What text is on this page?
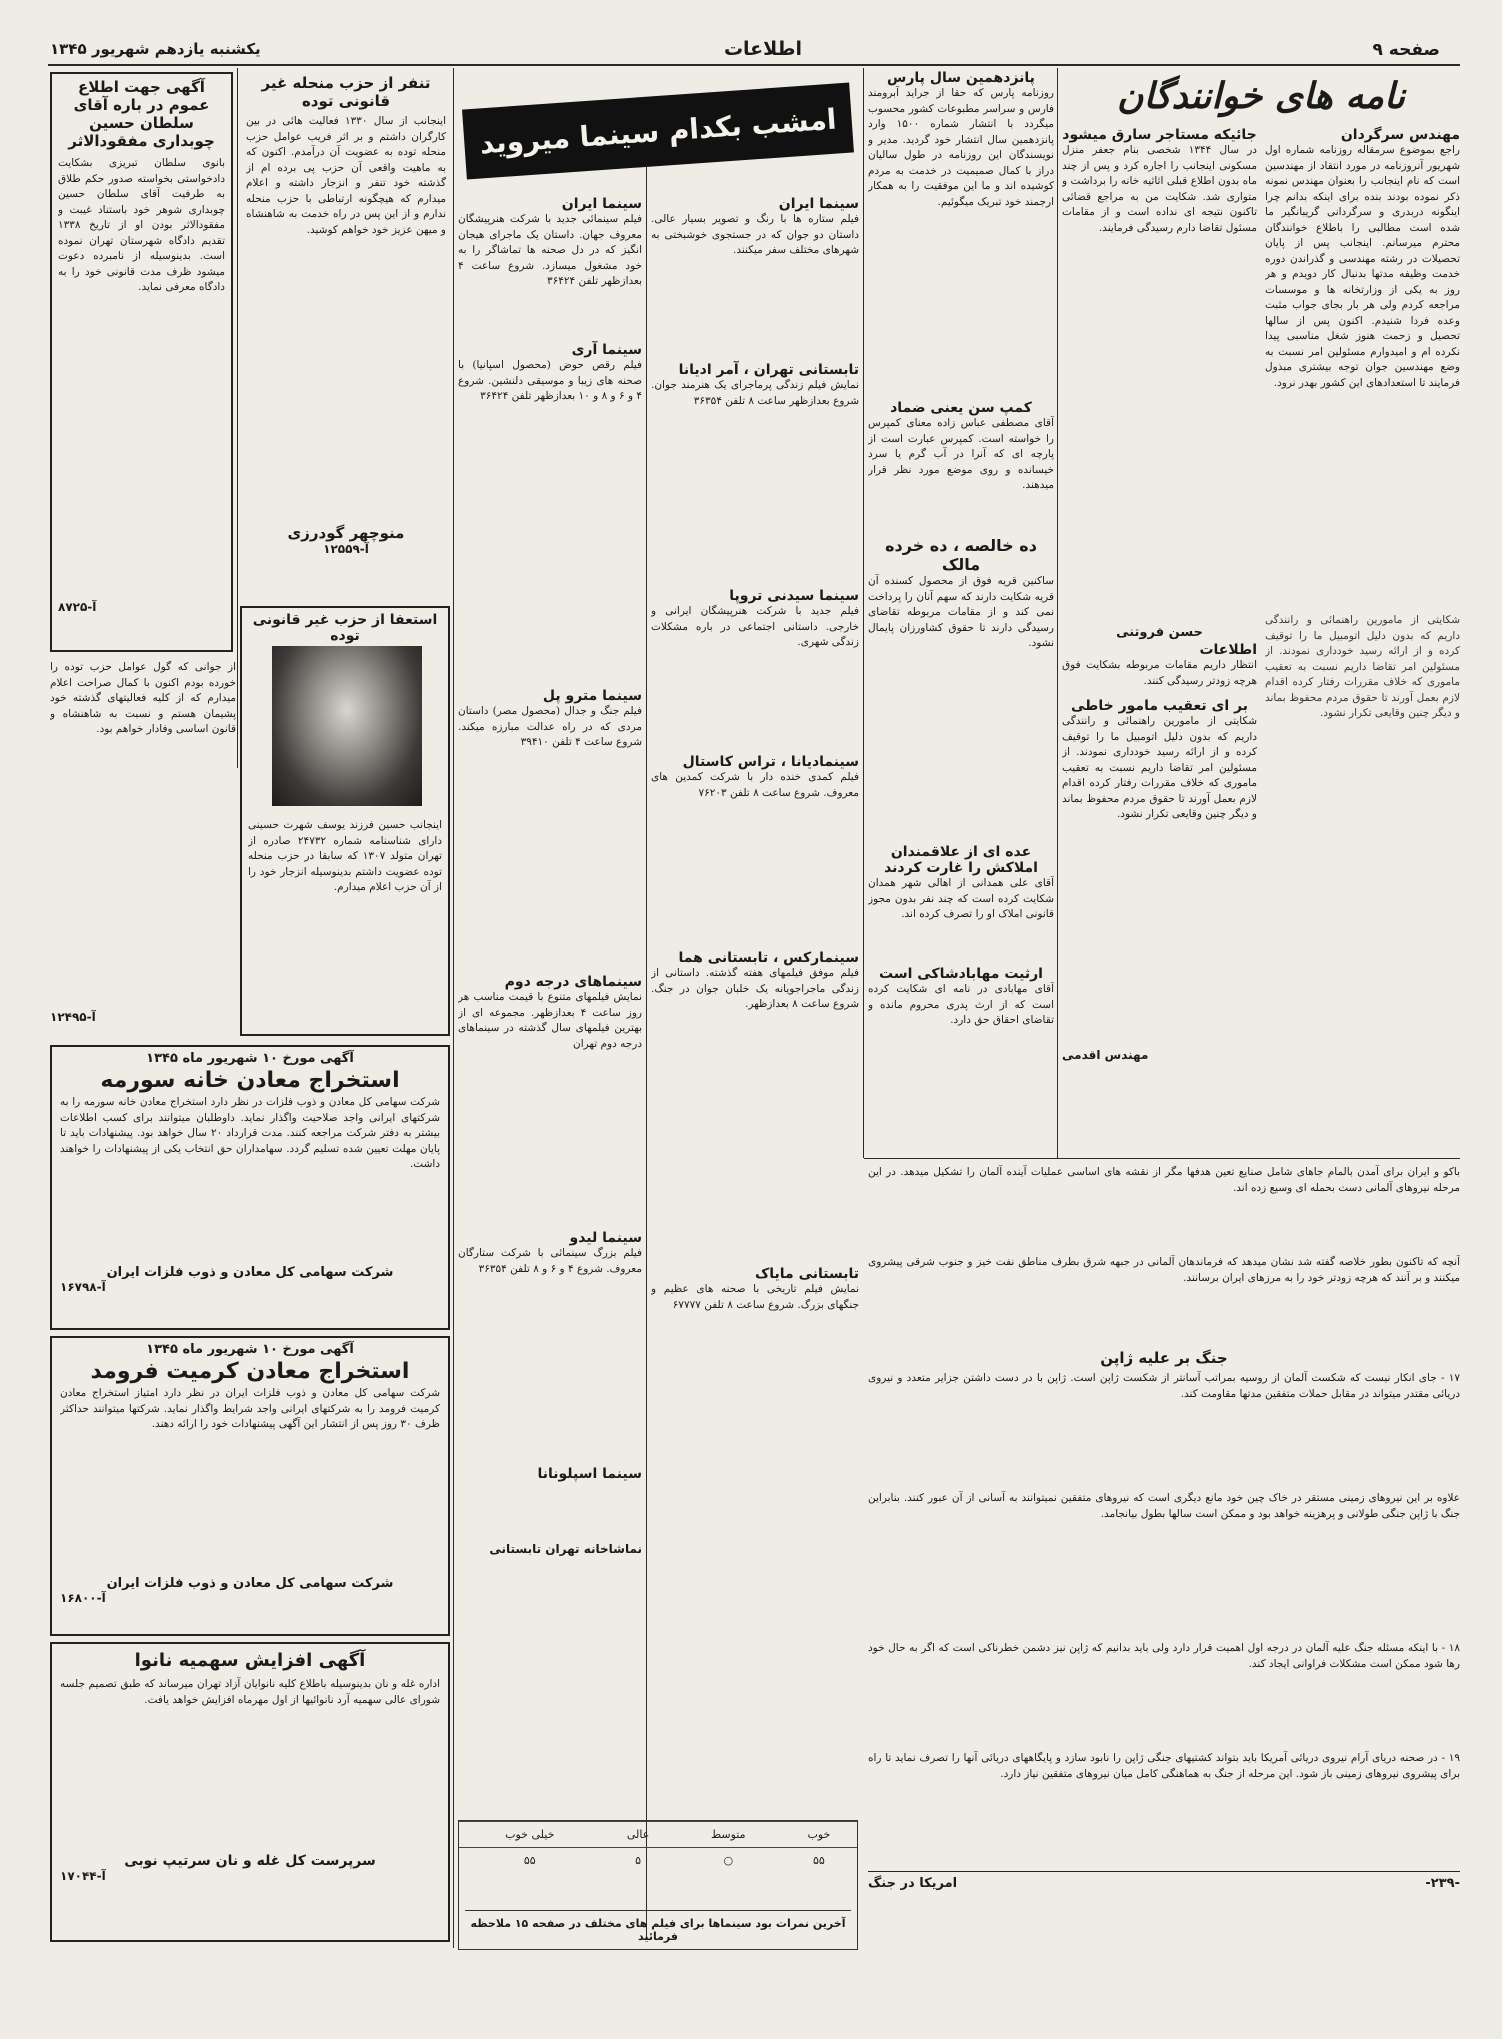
صفحه ۹
اطلاعات
یکشنبه یازدهم شهریور ۱۳۴۵
نامه های خوانندگان
مهندس سرگردان
راجع بموضوع سرمقاله روزنامه شماره اول شهریور آنروزنامه در مورد انتقاد از مهندسین است که نام اینجانب را بعنوان مهندس نمونه ذکر نموده بودند بنده برای اینکه بدانم چرا اینگونه دربدری و سرگردانی گریبانگیر ما شده است مطالبی را باطلاع خوانندگان محترم میرسانم. اینجانب پس از پایان تحصیلات در رشته مهندسی و گذراندن دوره خدمت وظیفه مدتها بدنبال کار دویدم و هر روز به یکی از وزارتخانه ها و موسسات مراجعه کردم ولی هر بار بجای جواب مثبت وعده فردا شنیدم. اکنون پس از سالها تحصیل و زحمت هنوز شغل مناسبی پیدا نکرده ام و امیدوارم مسئولین امر نسبت به وضع مهندسین جوان توجه بیشتری مبذول فرمایند تا استعدادهای این کشور بهدر نرود.
شکایتی از مامورین راهنمائی و رانندگی داریم که بدون دلیل اتومبیل ما را توقیف کرده و از ارائه رسید خودداری نمودند. از مسئولین امر تقاضا داریم نسبت به تعقیب ماموری که خلاف مقررات رفتار کرده اقدام لازم بعمل آورند تا حقوق مردم محفوظ بماند و دیگر چنین وقایعی تکرار نشود.
جائیکه مستاجر سارق میشود
در سال ۱۳۴۴ شخصی بنام جعفر منزل مسکونی اینجانب را اجاره کرد و پس از چند ماه بدون اطلاع قبلی اثاثیه خانه را برداشت و متواری شد. شکایت من به مراجع قضائی تاکنون نتیجه ای نداده است و از مقامات مسئول تقاضا دارم رسیدگی فرمایند.
حسن فروتنی
اطلاعات
انتظار داریم مقامات مربوطه بشکایت فوق هرچه زودتر رسیدگی کنند.
بر ای تعقیب مامور خاطی
شکایتی از مامورین راهنمائی و رانندگی داریم که بدون دلیل اتومبیل ما را توقیف کرده و از ارائه رسید خودداری نمودند. از مسئولین امر تقاضا داریم نسبت به تعقیب ماموری که خلاف مقررات رفتار کرده اقدام لازم بعمل آورند تا حقوق مردم محفوظ بماند و دیگر چنین وقایعی تکرار نشود.
مهندس اقدمی
پانزدهمین سال پارس
روزنامه پارس که حقا از جراید آبرومند فارس و سراسر مطبوعات کشور محسوب میگردد با انتشار شماره ۱۵۰۰ وارد پانزدهمین سال انتشار خود گردید. مدیر و نویسندگان این روزنامه در طول سالیان دراز با کمال صمیمیت در خدمت به مردم کوشیده اند و ما این موفقیت را به همکار ارجمند خود تبریک میگوئیم.
کمپ سن یعنی ضماد
آقای مصطفی عباس زاده معنای کمپرس را خواسته است. کمپرس عبارت است از پارچه ای که آنرا در آب گرم یا سرد خیسانده و روی موضع مورد نظر قرار میدهند.
ده خالصه ، ده خرده مالک
ساکنین قریه فوق از محصول کسنده آن قریه شکایت دارند که سهم آنان را پرداخت نمی کند و از مقامات مربوطه تقاضای رسیدگی دارند تا حقوق کشاورزان پایمال نشود.
عده ای از علاقمندان
املاکش را غارت کردند
آقای علی همدانی از اهالی شهر همدان شکایت کرده است که چند نفر بدون مجوز قانونی املاک او را تصرف کرده اند.
ارثیت مهابادشاکی است
آقای مهابادی در نامه ای شکایت کرده است که از ارث پدری محروم مانده و تقاضای احقاق حق دارد.
امشب بکدام سینما میروید
سینما ایران
فیلم ستاره ها با رنگ و تصویر بسیار عالی. داستان دو جوان که در جستجوی خوشبختی به شهرهای مختلف سفر میکنند.
تابستانی تهران ، آمر ادیانا
نمایش فیلم زندگی پرماجرای یک هنرمند جوان. شروع بعدازظهر ساعت ۸ تلفن ۳۶۳۵۴
سینما سیدنی تروپا
فیلم جدید با شرکت هنرپیشگان ایرانی و خارجی. داستانی اجتماعی در باره مشکلات زندگی شهری.
سینمادیانا ، تراس کاستال
فیلم کمدی خنده دار با شرکت کمدین های معروف. شروع ساعت ۸ تلفن ۷۶۲۰۳
سینمارکس ، تابستانی هما
فیلم موفق فیلمهای هفته گذشته. داستانی از زندگی ماجراجویانه یک خلبان جوان در جنگ. شروع ساعت ۸ بعدازظهر.
تابستانی مایاک
نمایش فیلم تاریخی با صحنه های عظیم و جنگهای بزرگ. شروع ساعت ۸ تلفن ۶۷۷۷۷
سینما ایران
فیلم سینمائی جدید با شرکت هنرپیشگان معروف جهان. داستان یک ماجرای هیجان انگیز که در دل صحنه ها تماشاگر را به خود مشغول میسازد. شروع ساعت ۴ بعدازظهر تلفن ۳۶۴۲۴
سینما آری
فیلم رقص حوض (محصول اسپانیا) با صحنه های زیبا و موسیقی دلنشین. شروع ۴ و ۶ و ۸ و ۱۰ بعدازظهر تلفن ۳۶۴۲۴
سینما مترو پل
فیلم جنگ و جدال (محصول مصر) داستان مردی که در راه عدالت مبارزه میکند. شروع ساعت ۴ تلفن ۳۹۴۱۰
سینماهای درجه دوم
نمایش فیلمهای متنوع با قیمت مناسب هر روز ساعت ۴ بعدازظهر. مجموعه ای از بهترین فیلمهای سال گذشته در سینماهای درجه دوم تهران
سینما لیدو
فیلم بزرگ سینمائی با شرکت ستارگان معروف. شروع ۴ و ۶ و ۸ تلفن ۳۶۳۵۴
سینما اسپلونانا
نماشاخانه تهران تابستانی
خوب	متوسط	عالی	خیلی خوب
۵۵	○	۵	۵۵
آخرین نمرات بود سینماها برای فیلم های مختلف در صفحه ۱۵ ملاحظه فرمائید
آگهی جهت اطلاع عموم در باره آقای سلطان حسین چوبداری مفقودالاثر
بانوی سلطان تبریزی بشکایت دادخواستی بخواسته صدور حکم طلاق به طرفیت آقای سلطان حسین چوبداری شوهر خود باستناد غیبت و مفقودالاثر بودن او از تاریخ ۱۳۳۸ تقدیم دادگاه شهرستان تهران نموده است. بدینوسیله از نامبرده دعوت میشود ظرف مدت قانونی خود را به دادگاه معرفی نماید.
آ-۸۷۲۵
تنفر از حزب منحله غیر قانونی توده
اینجانب از سال ۱۳۳۰ فعالیت هائی در بین کارگران داشتم و بر اثر فریب عوامل حزب منحله توده به عضویت آن درآمدم. اکنون که به ماهیت واقعی آن حزب پی برده ام از گذشته خود تنفر و انزجار داشته و اعلام میدارم که هیچگونه ارتباطی با حزب منحله ندارم و از این پس در راه خدمت به شاهنشاه و میهن عزیز خود خواهم کوشید.
منوچهر گودرزی
آ-۱۲۵۵۹
استعفا از حزب غیر قانونی توده
اینجانب حسین فرزند یوسف شهرت حسینی دارای شناسنامه شماره ۲۴۷۳۲ صادره از تهران متولد ۱۳۰۷ که سابقا در حزب منحله توده عضویت داشتم بدینوسیله انزجار خود را از آن حزب اعلام میدارم.
از جوانی که گول عوامل حزب توده را خورده بودم اکنون با کمال صراحت اعلام میدارم که از کلیه فعالیتهای گذشته خود پشیمان هستم و نسبت به شاهنشاه و قانون اساسی وفادار خواهم بود.
آ-۱۲۴۹۵
آگهی مورخ ۱۰ شهریور ماه ۱۳۴۵
استخراج معادن خانه سورمه
شرکت سهامی کل معادن و ذوب فلزات در نظر دارد استخراج معادن خانه سورمه را به شرکتهای ایرانی واجد صلاحیت واگذار نماید. داوطلبان میتوانند برای کسب اطلاعات بیشتر به دفتر شرکت مراجعه کنند. مدت قرارداد ۲۰ سال خواهد بود. پیشنهادات باید تا پایان مهلت تعیین شده تسلیم گردد. سهامداران حق انتخاب یکی از پیشنهادات را خواهند داشت.
شرکت سهامی کل معادن و ذوب فلزات ایران
آ-۱۶۷۹۸
آگهی مورخ ۱۰ شهریور ماه ۱۳۴۵
استخراج معادن کرمیت فرومد
شرکت سهامی کل معادن و ذوب فلزات ایران در نظر دارد امتیاز استخراج معادن کرمیت فرومد را به شرکتهای ایرانی واجد شرایط واگذار نماید. شرکتها میتوانند حداکثر ظرف ۳۰ روز پس از انتشار این آگهی پیشنهادات خود را ارائه دهند.
شرکت سهامی کل معادن و ذوب فلزات ایران
آ-۱۶۸۰۰
آگهی افزایش سهمیه نانوا
اداره غله و نان بدینوسیله باطلاع کلیه نانوایان آزاد تهران میرساند که طبق تصمیم جلسه شورای عالی سهمیه آرد نانوائیها از اول مهرماه افزایش خواهد یافت.
سرپرست کل غله و نان سرتیپ نوبی
آ-۱۷۰۴۴
باکو و ایران برای آمدن بالمام جاهای شامل صنایع تعین هدفها مگر از نقشه های اساسی عملیات آینده آلمان را تشکیل میدهد. در این مرحله نیروهای آلمانی دست بحمله ای وسیع زده اند.
آنچه که تاکنون بطور خلاصه گفته شد نشان میدهد که فرماندهان آلمانی در جبهه شرق بطرف مناطق نفت خیز و جنوب شرقی پیشروی میکنند و بر آنند که هرچه زودتر خود را به مرزهای ایران برسانند.
جنگ بر علیه ژاپن
۱۷ - جای انکار نیست که شکست آلمان از روسیه بمراتب آسانتر از شکست ژاپن است. ژاپن با در دست داشتن جزایر متعدد و نیروی دریائی مقتدر میتواند در مقابل حملات متفقین مدتها مقاومت کند.
علاوه بر این نیروهای زمینی مستقر در خاک چین خود مانع دیگری است که نیروهای متفقین نمیتوانند به آسانی از آن عبور کنند. بنابراین جنگ با ژاپن جنگی طولانی و پرهزینه خواهد بود و ممکن است سالها بطول بیانجامد.
۱۸ - با اینکه مسئله جنگ علیه آلمان در درجه اول اهمیت قرار دارد ولی باید بدانیم که ژاپن نیز دشمن خطرناکی است که اگر به حال خود رها شود ممکن است مشکلات فراوانی ایجاد کند.
۱۹ - در صحنه دریای آرام نیروی دریائی آمریکا باید بتواند کشتیهای جنگی ژاپن را نابود سازد و پایگاههای دریائی آنها را تصرف نماید تا راه برای پیشروی نیروهای زمینی باز شود. این مرحله از جنگ به هماهنگی کامل میان نیروهای متفقین نیاز دارد.
-۲۳۹-
امریکا در جنگ
